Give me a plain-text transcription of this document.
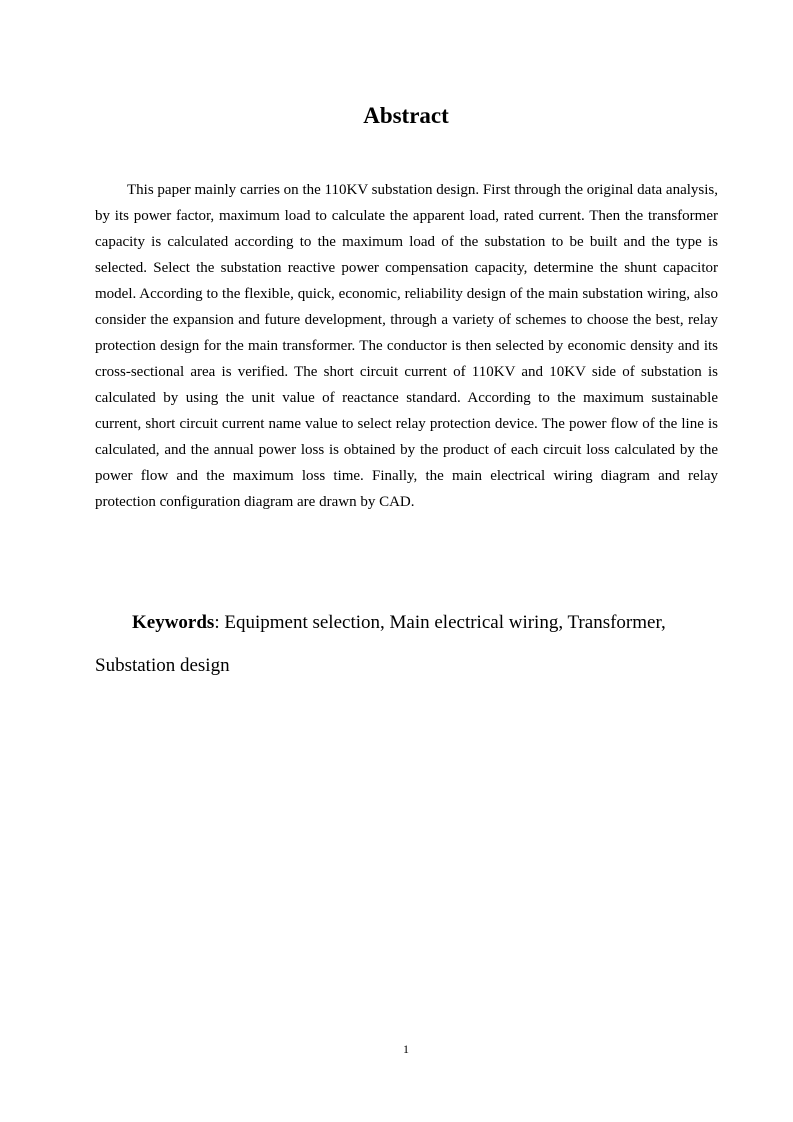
Abstract

This paper mainly carries on the 110KV substation design. First through the original data analysis, by its power factor, maximum load to calculate the apparent load, rated current. Then the transformer capacity is calculated according to the maximum load of the substation to be built and the type is selected. Select the substation reactive power compensation capacity, determine the shunt capacitor model. According to the flexible, quick, economic, reliability design of the main substation wiring, also consider the expansion and future development, through a variety of schemes to choose the best, relay protection design for the main transformer. The conductor is then selected by economic density and its cross-sectional area is verified. The short circuit current of 110KV and 10KV side of substation is calculated by using the unit value of reactance standard. According to the maximum sustainable current, short circuit current name value to select relay protection device. The power flow of the line is calculated, and the annual power loss is obtained by the product of each circuit loss calculated by the power flow and the maximum loss time. Finally, the main electrical wiring diagram and relay protection configuration diagram are drawn by CAD.

Keywords: Equipment selection, Main electrical wiring, Transformer, Substation design

1
